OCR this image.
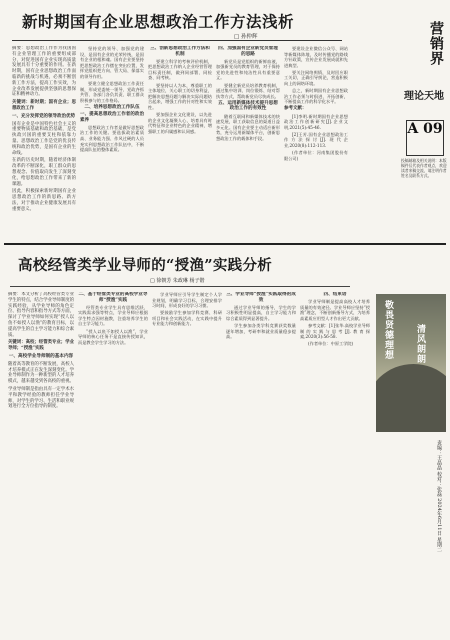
新时期国有企业思想政治工作方法浅析
□ 孙仲辉

摘要：思想政治工作作为我国国有企业管理工作的重要组成部分，对促进国有企业实现高质量发展具有十分重要的作用。在新时期，国有企业思想政治工作面临新的挑战与机遇，必须不断创新工作方法，提高工作实效，为企业改革发展提供坚强的思想保证和精神动力。

关键词：新时期；国有企业；思想政治工作

一、充分发挥党的领导政治优势

国有企业是中国特色社会主义的重要物质基础和政治基础，是党执政兴国的重要支柱和依靠力量。思想政治工作是党的优良传统和政治优势，是国有企业的生命线。

在新的历史时期，随着经济体制改革的不断深化，职工群众的思想观念、价值取向发生了深刻变化，给思想政治工作带来了新的课题。

因此，积极探索新时期国有企业思想政治工作的新思路、新方法，对于推动企业健康发展具有重要意义。

坚持党的领导、加强党的建设，是国有企业的光荣传统，是国有企业的根和魂。国有企业要坚持把思想政治工作摆在突出位置，发挥党组织把方向、管大局、保落实的领导作用。

要建立健全思想政治工作责任制，形成党委统一领导、党政齐抓共管、各部门各负其责、职工群众积极参与的工作格局。

二、培养思想政治工作队伍

一、提高思想政治工作者的政治素养

思想政治工作者是做好思想政治工作的关键。要选拔政治素质高、业务能力强、作风过硬的人员充实到思想政治工作队伍中，不断提高队伍的整体素质。

三、创新思想政治工作方法和机制

要建立科学的考核评价机制，把思想政治工作纳入企业经营管理目标责任制，做到同部署、同检查、同考核。

要坚持以人为本，尊重职工的主体地位，关心职工的切身利益，把解决思想问题与解决实际问题结合起来，增强工作的针对性和实效性。

要加强企业文化建设，以先进的企业文化凝聚人心，培育具有时代特征和企业特色的企业精神，增强职工的归属感和认同感。

四、加强国有企业新党员管理的思路

新党员是党组织的新鲜血液，加强新党员的教育管理，对于保持党的先进性和纯洁性具有重要意义。

要健全新党员培养教育机制，通过集中培训、岗位锻炼、结对帮扶等方式，帮助新党员尽快成长。

五、运用新媒体技术提升思想政治工作的有效性

随着互联网和新媒体技术的快速发展，职工获取信息的渠道日益多元化。国有企业要主动适应新形势，充分运用新媒体平台，创新思想政治工作的载体和手段。

要建设企业微信公众号、网站等新媒体阵地，及时传播党的路线方针政策，宣传企业发展成就和先进典型。

要关注网络舆情，及时回应职工关切，正确引导舆论，营造积极向上的网络环境。

总之，新时期国有企业思想政治工作必须与时俱进、开拓创新，不断提高工作的科学化水平。

参考文献：

[1]李明.新时期国有企业思想政治工作创新研究[J].企业文明,2021(5):45-46.

[2]王芳.国有企业思想政治工作方法探讨[J].现代企业,2020(8):112-113.

(作者单位：河南集团股份有限公司)

营销界
理论天地
A 09
投稿邮箱及相关说明：本版稿件仅代表作者观点，欢迎读者来稿交流，请注明作者姓名及联系方式。
高校经管类学业导师的“授渔”实践分析
□ 徐朝芳 朱政琳 杨子锴

摘要：本文分析了高校经管类专业学生的特点，结合学业导师制度的实践经验，从学业导师的角色定位、指导内容和指导方式等方面，探讨了学业导师如何实现“授人以鱼不如授人以渔”的教育目标，以提高学生的自主学习能力和综合素质。

关键词：高校；经管类专业；学业导师；“授渔”实践

一、高校学业导师制的基本内容

随着高等教育的不断发展，高校人才培养模式正在发生深刻变化。学业导师制作为一种新型的人才培养模式，越来越受到各高校的重视。

学业导师制是指由具有一定学术水平和教学经验的教师担任学业导师，对学生的学习、生活和职业规划进行全方位指导的制度。

二、基于经管类专业的高校学业导师“授渔”实践

经管类专业学生具有思维活跃、实践需求强等特点，学业导师应根据学生特点因材施教，注重培养学生的自主学习能力。

“授人以鱼不如授人以渔”，学业导师的核心任务不是直接传授知识，而是教会学生学习的方法。

学业导师应引导学生制定个人学业规划，明确学习目标，合理安排学习时间，形成良好的学习习惯。

要鼓励学生参加学科竞赛、科研项目和社会实践活动，在实践中提升专业能力和创新能力。

三、学业导师“授渔”实践取得的成效

通过学业导师的指导，学生的学习积极性明显提高，自主学习能力和综合素质得到显著提升。

学生参加各类学科竞赛获奖数量逐年增加，考研率和就业质量稳步提高。

四、结束语

学业导师制是提高高校人才培养质量的有效途径。学业导师应坚持“授渔”理念，不断创新指导方式，为培养高素质应用型人才作出更大贡献。

参考文献：[1]张华.高校学业导师制的实践与思考[J].教育探索,2020(3):56-58.

(作者单位：中原工学院)	敬畏贤德理想 清风朗朗
责编：王晶晶 校对：张磊 2024年6月11日 星期二
